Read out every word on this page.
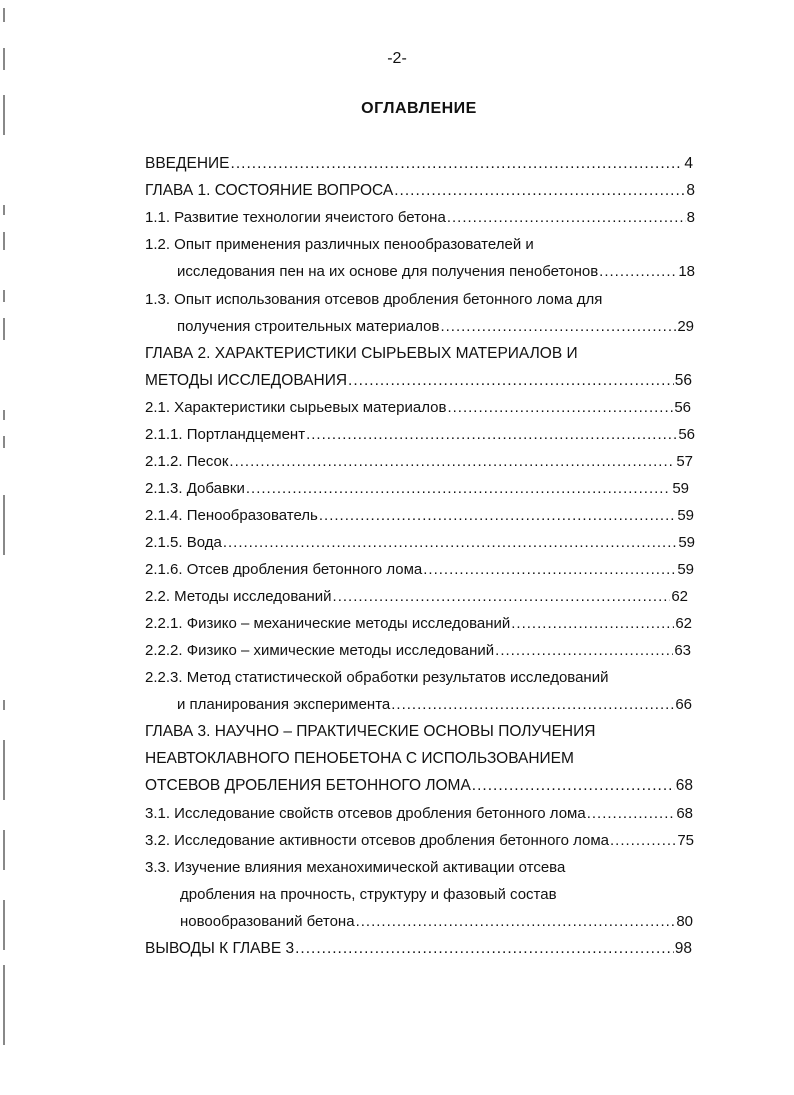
-2-
ОГЛАВЛЕНИЕ
ВВЕДЕНИЕ .....	4
ГЛАВА 1. СОСТОЯНИЕ ВОПРОСА .....	8
1.1. Развитие технологии ячеистого бетона .....	8
1.2. Опыт применения различных пенообразователей и
исследования пен на их основе для получения пенобетонов .....	18
1.3. Опыт использования отсевов дробления бетонного лома для
получения строительных материалов .....	29
ГЛАВА 2. ХАРАКТЕРИСТИКИ СЫРЬЕВЫХ МАТЕРИАЛОВ И
МЕТОДЫ ИССЛЕДОВАНИЯ .....	56
2.1. Характеристики сырьевых материалов .....	56
2.1.1. Портландцемент .....	56
2.1.2. Песок .....	57
2.1.3. Добавки .....	59
2.1.4. Пенообразователь .....	59
2.1.5. Вода .....	59
2.1.6. Отсев дробления бетонного лома .....	59
2.2. Методы исследований .....	62
2.2.1. Физико – механические методы исследований .....	62
2.2.2. Физико – химические методы исследований .....	63
2.2.3. Метод статистической обработки результатов исследований
и планирования эксперимента .....	66
ГЛАВА 3. НАУЧНО – ПРАКТИЧЕСКИЕ ОСНОВЫ ПОЛУЧЕНИЯ
НЕАВТОКЛАВНОГО ПЕНОБЕТОНА С ИСПОЛЬЗОВАНИЕМ
ОТСЕВОВ ДРОБЛЕНИЯ БЕТОННОГО ЛОМА .....	68
3.1. Исследование свойств отсевов дробления бетонного лома .....	68
3.2. Исследование активности отсевов дробления бетонного лома .....	75
3.3. Изучение влияния механохимической активации отсева
дробления на прочность, структуру и фазовый состав
новообразований бетона .....	80
ВЫВОДЫ К ГЛАВЕ 3 .....	98
